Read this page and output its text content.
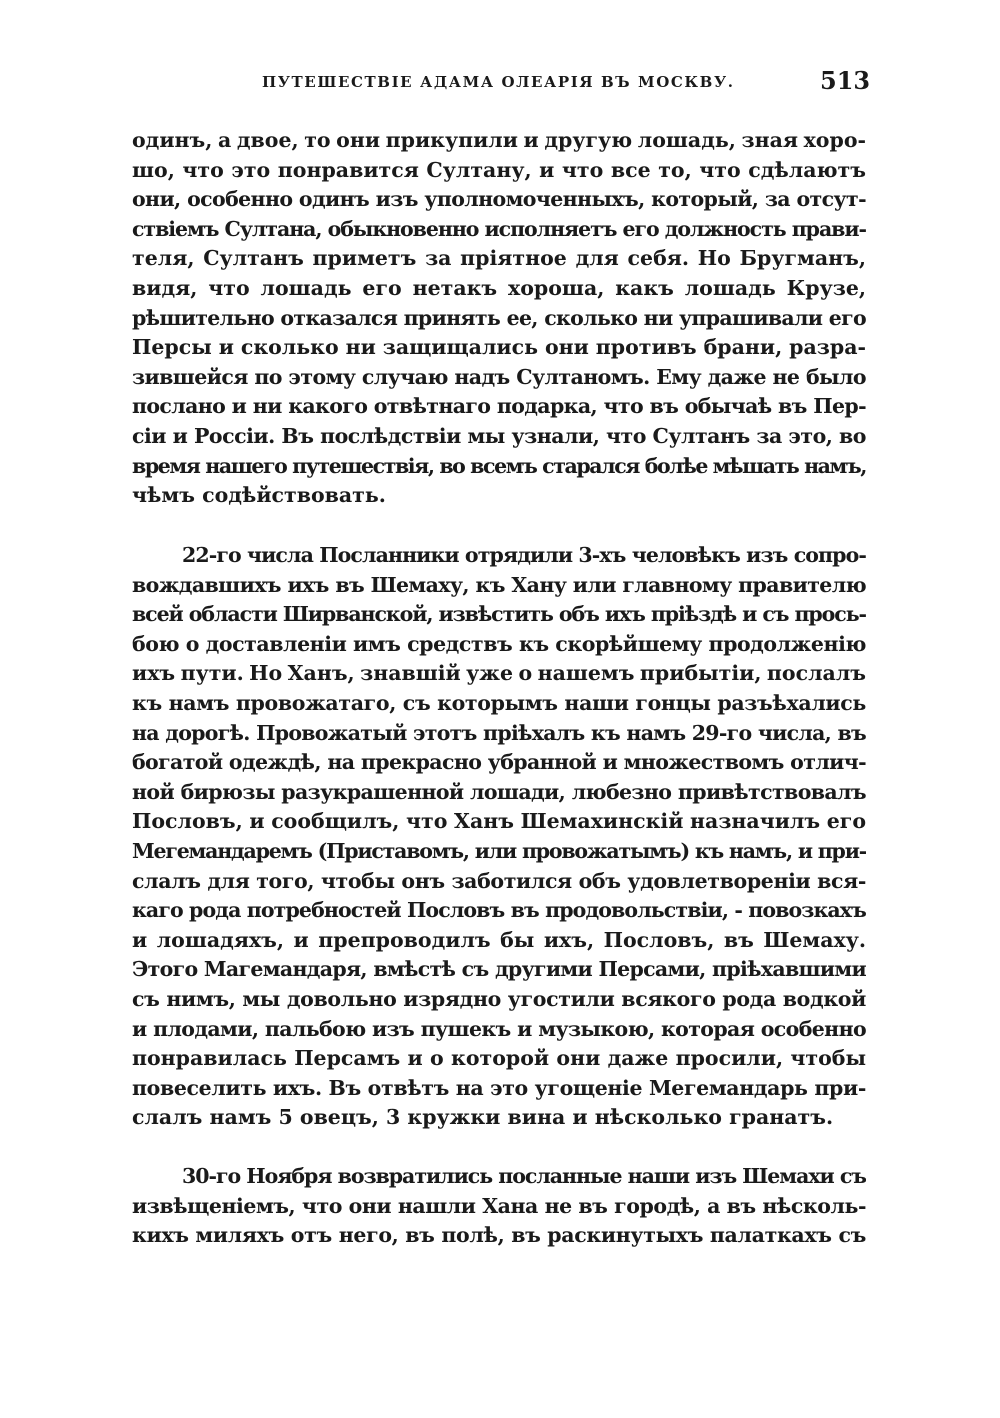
ПУТЕШЕСТВІЕ АДАМА ОЛЕАРІЯ ВЪ МОСКВУ.	513
одинъ, а двое, то они прикупили и другую лошадь, зная хоро-
шо, что это понравится Султану, и что все то, что сдѣлаютъ
они, особенно одинъ изъ уполномоченныхъ, который, за отсут-
ствіемъ Султана, обыкновенно исполняетъ его должность прави-
теля, Султанъ приметъ за пріятное для себя. Но Бругманъ,
видя, что лошадь его нетакъ хороша, какъ лошадь Крузе,
рѣшительно отказался принять ее, сколько ни упрашивали его
Персы и сколько ни защищались они противъ брани, разра-
зившейся по этому случаю надъ Султаномъ. Ему даже не было
послано и ни какого отвѣтнаго подарка, что въ обычаѣ въ Пер-
сіи и Россіи. Въ послѣдствіи мы узнали, что Султанъ за это, во
время нашего путешествія, во всемъ старался болѣе мѣшать намъ,
чѣмъ содѣйствовать.
22-го числа Посланники отрядили 3-хъ человѣкъ изъ сопро-
вождавшихъ ихъ въ Шемаху, къ Хану или главному правителю
всей области Ширванской, извѣстить объ ихъ пріѣздѣ и съ прось-
бою о доставленіи имъ средствъ къ скорѣйшему продолженію
ихъ пути. Но Ханъ, знавшій уже о нашемъ прибытіи, послалъ
къ намъ провожатаго, съ которымъ наши гонцы разъѣхались
на дорогѣ. Провожатый этотъ пріѣхалъ къ намъ 29-го числа, въ
богатой одеждѣ, на прекрасно убранной и множествомъ отлич-
ной бирюзы разукрашенной лошади, любезно привѣтствовалъ
Пословъ, и сообщилъ, что Ханъ Шемахинскій назначилъ его
Мегемандаремъ (Приставомъ, или провожатымъ) къ намъ, и при-
слалъ для того, чтобы онъ заботился объ удовлетвореніи вся-
каго рода потребностей Пословъ въ продовольствіи, - повозкахъ
и лошадяхъ, и препроводилъ бы ихъ, Пословъ, въ Шемаху.
Этого Магемандаря, вмѣстѣ съ другими Персами, пріѣхавшими
съ нимъ, мы довольно изрядно угостили всякого рода водкой
и плодами, пальбою изъ пушекъ и музыкою, которая особенно
понравилась Персамъ и о которой они даже просили, чтобы
повеселить ихъ. Въ отвѣтъ на это угощеніе Мегемандарь при-
слалъ намъ 5 овецъ, 3 кружки вина и нѣсколько гранатъ.
30-го Ноября возвратились посланные наши изъ Шемахи съ
извѣщеніемъ, что они нашли Хана не въ городѣ, а въ нѣсколь-
кихъ миляхъ отъ него, въ полѣ, въ раскинутыхъ палаткахъ съ
